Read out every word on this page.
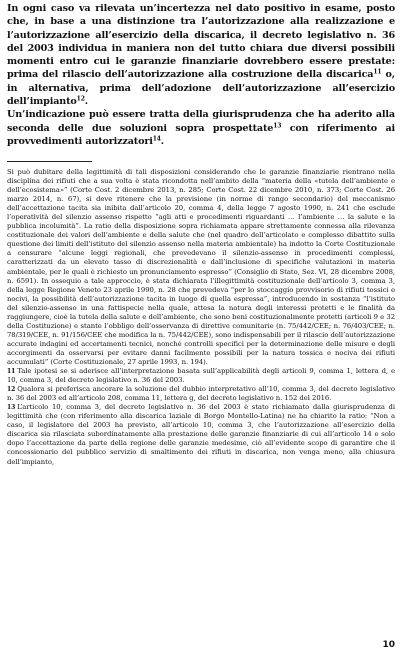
In ogni caso va rilevata un’incertezza nel dato positivo in esame, posto che, in base a una distinzione tra l’autorizzazione alla realizzazione e l’autorizzazione all’esercizio della discarica, il decreto legislativo n. 36 del 2003 individua in maniera non del tutto chiara due diversi possibili momenti entro cui le garanzie finanziarie dovrebbero essere prestate: prima del rilascio dell’autorizzazione alla costruzione della discarica$^{11}$ o, in alternativa, prima dell’adozione dell’autorizzazione all’esercizio dell’impianto$^{12}$.

Un’indicazione può essere tratta della giurisprudenza che ha aderito alla seconda delle due soluzioni sopra prospettate$^{13}$ con riferimento ai provvedimenti autorizzatori$^{14}$.

Si può dubitare della legittimità di tali disposizioni considerando che le garanzie finanziarie rientrano nella disciplina dei rifiuti che a sua volta è stata ricondotta nell’ambito della “materia della «tutela dell’ambiente e dell’ecosistema»” (Corte Cost. 2 dicembre 2013, n. 285; Corte Cost. 22 dicembre 2010, n. 373; Corte Cost. 26 marzo 2014, n. 67), si deve ritenere che la previsione (in norme di rango secondario) del meccanismo dell’accettazione tacita sia inibita dall’articolo 20, comma 4, della legge 7 agosto 1990, n. 241 che esclude l’operatività del silenzio assenso rispetto “agli atti e procedimenti riguardanti … l’ambiente … la salute e la pubblica incolumità”. La ratio della disposizione sopra richiamata appare strettamente connessa alla rilevanza costituzionale dei valori dell’ambiente e della salute che (nel quadro dell’articolato e complesso dibattito sulla questione dei limiti dell’istituto del silenzio assenso nella materia ambientale) ha indotto la Corte Costituzionale a censurare “alcune leggi regionali, che prevedevano il silenzio-assenso in procedimenti complessi, caratterizzati da un elevato tasso di discrezionalità e dall’inclusione di specifiche valutazioni in materia ambientale, per le quali è richiesto un pronunciamento espresso” (Consiglio di Stato, Sez. VI, 28 dicembre 2008, n. 6591). In ossequio a tale approccio, è stata dichiarata l’illegittimità costituzionale dell’articolo 3, comma 3, della legge Regione Veneto 23 aprile 1990, n. 28 che prevedeva “per lo stoccaggio provvisorio di rifiuti tossici e nocivi, la possibilità dell’autorizzazione tacita in luogo di quella espressa”, introducendo in sostanza “l’istituto del silenzio-assenso in una fattispecie nella quale, attesa la natura degli interessi protetti e le finalità da raggiungere, cioè la tutela della salute e dell’ambiente, che sono beni costituzionalmente protetti (articoli 9 e 32 della Costituzione) e stante l’obbligo dell’osservanza di direttive comunitarie (n. 75/442/CEE; n. 76/403/CEE; n. 78/319/CEE, n. 91/156/CEE che modifica la n. 75/442/CEE), sono indispensabili per il rilascio dell’autorizzazione accurate indagini ed accertamenti tecnici, nonché controlli specifici per la determinazione delle misure e degli accorgimenti da osservarsi per evitare danni facilmente possibili per la natura tossica e nociva dei rifiuti accumulati” (Corte Costituzionale, 27 aprile 1993, n. 194).

11 Tale ipotesi se si aderisce all’interpretazione basata sull’applicabilità degli articoli 9, comma 1, lettera d, e 10, comma 3, del decreto legislativo n. 36 del 2003.

12 Qualora si preferisca ancorare la soluzione del dubbio interpretativo all’10, comma 3, del decreto legislativo n. 36 del 2003 ed all’articolo 208, comma 11, lettera g, del decreto legislativo n. 152 del 2016.

13 L’articolo 10, comma 3, del decreto legislativo n. 36 del 2003 è stato richiamato dalla giurisprudenza di legittimità che (con riferimento alla discarica laziale di Borgo Montello-Latina) ne ha chiarito la ratio: “Non a caso, il legislatore del 2003 ha previsto, all’articolo 10, comma 3, che l’autorizzazione all’esercizio della discarica sia rilasciata subordinatamente alla prestazione delle garanzie finanziarie di cui all’articolo 14 e solo dopo l’accettazione da parte della regione delle garanzie medesime, ciò all’evidente scopo di garantire che il concessionario del pubblico servizio di smaltimento dei rifiuti in discarica, non venga meno, alla chiusura dell’impianto,

10
